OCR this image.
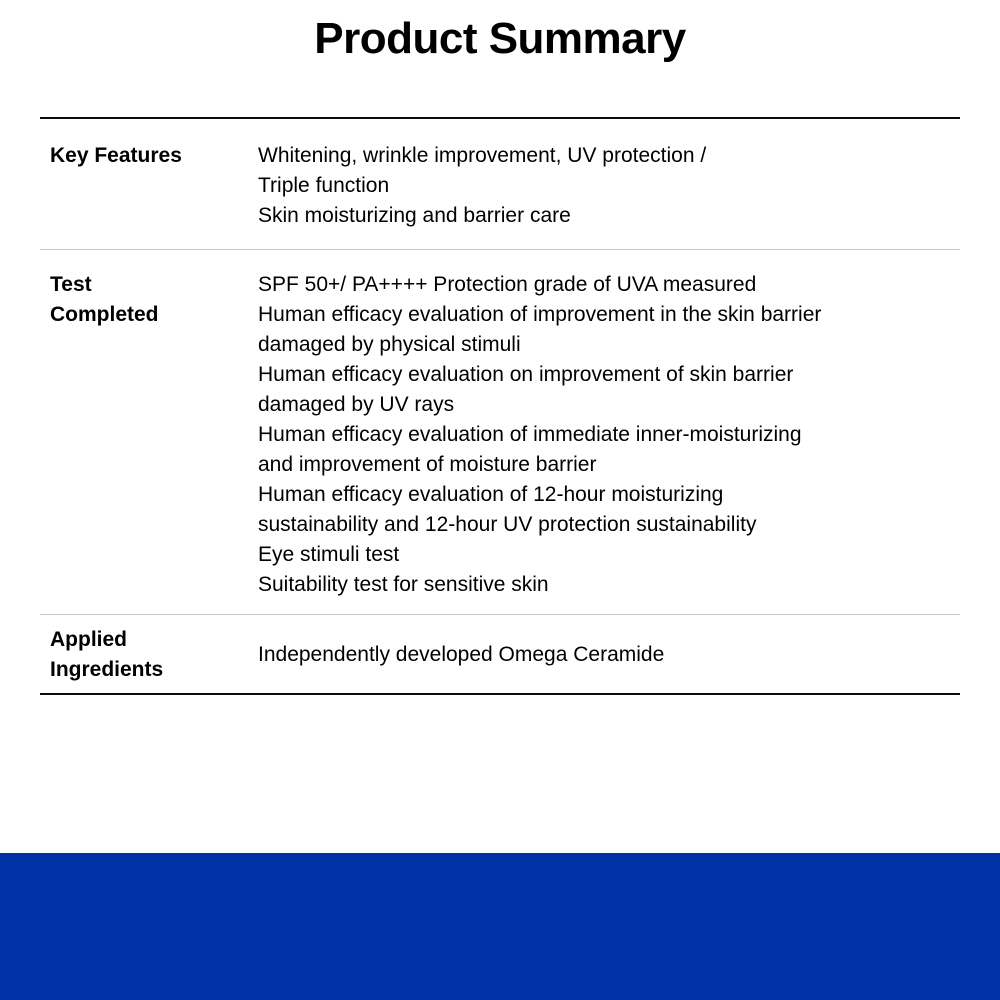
Product Summary
Key Features	Whitening, wrinkle improvement, UV protection /
Triple function
Skin moisturizing and barrier care
Test
Completed
SPF 50+/ PA++++ Protection grade of UVA measured
Human efficacy evaluation of improvement in the skin barrier
damaged by physical stimuli
Human efficacy evaluation on improvement of skin barrier
damaged by UV rays
Human efficacy evaluation of immediate inner-moisturizing
and improvement of moisture barrier
Human efficacy evaluation of 12-hour moisturizing
sustainability and 12-hour UV protection sustainability
Eye stimuli test
Suitability test for sensitive skin
Applied
Ingredients
Independently developed Omega Ceramide
